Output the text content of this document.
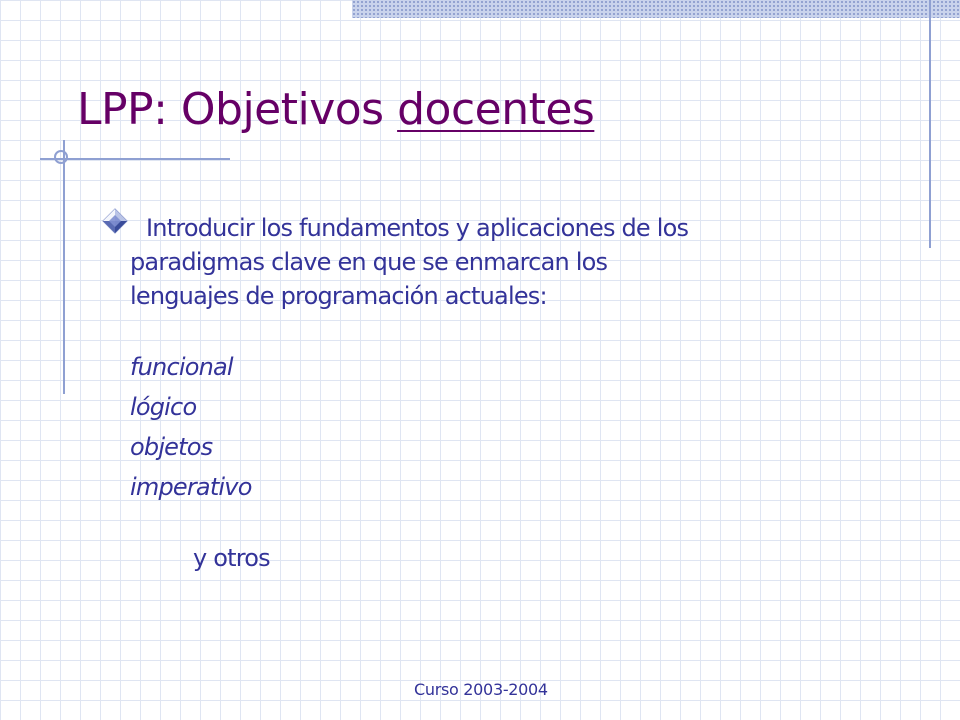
LPP: Objetivos docentes
Introducir los fundamentos y aplicaciones de los
paradigmas clave en que se enmarcan los
lenguajes de programación actuales:
funcional
lógico
objetos
imperativo
y otros
Curso 2003-2004
